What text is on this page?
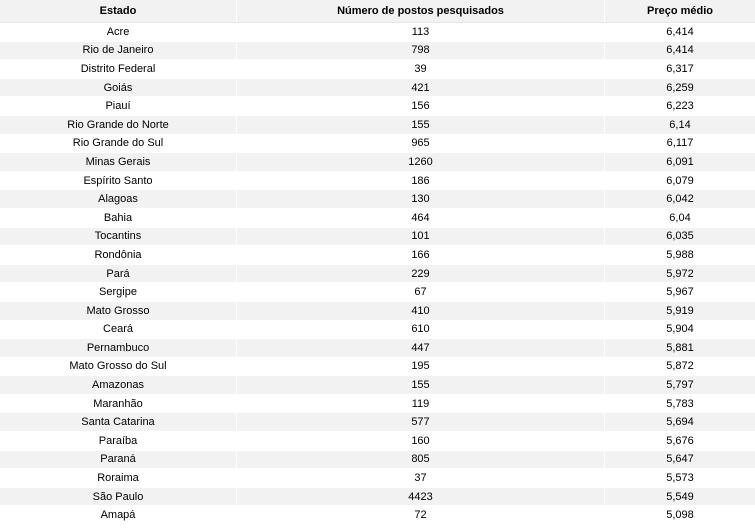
Estado	Número de postos pesquisados	Preço médio
Acre	113	6,414
Rio de Janeiro	798	6,414
Distrito Federal	39	6,317
Goiás	421	6,259
Piauí	156	6,223
Rio Grande do Norte	155	6,14
Rio Grande do Sul	965	6,117
Minas Gerais	1260	6,091
Espírito Santo	186	6,079
Alagoas	130	6,042
Bahia	464	6,04
Tocantins	101	6,035
Rondônia	166	5,988
Pará	229	5,972
Sergipe	67	5,967
Mato Grosso	410	5,919
Ceará	610	5,904
Pernambuco	447	5,881
Mato Grosso do Sul	195	5,872
Amazonas	155	5,797
Maranhão	119	5,783
Santa Catarina	577	5,694
Paraíba	160	5,676
Paraná	805	5,647
Roraima	37	5,573
São Paulo	4423	5,549
Amapá	72	5,098
